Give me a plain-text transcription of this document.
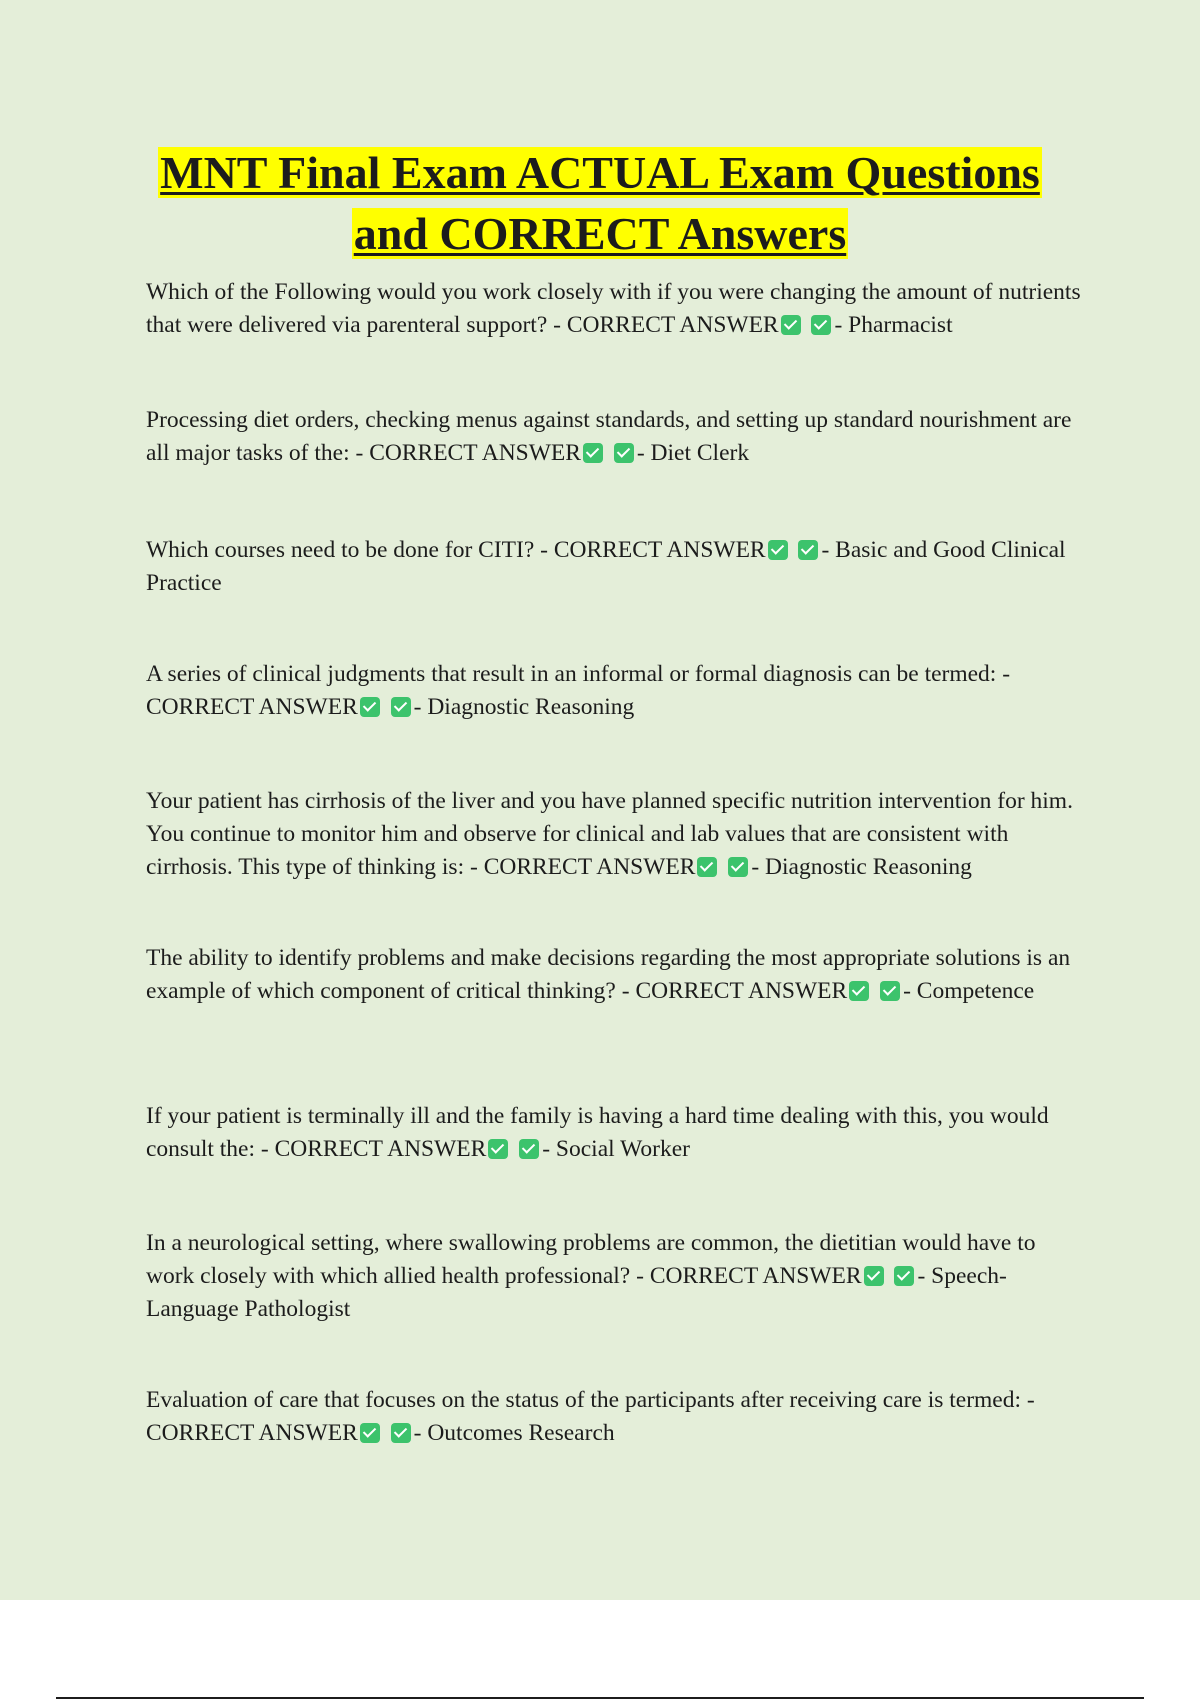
MNT Final Exam ACTUAL Exam Questions
and CORRECT Answers
Which of the Following would you work closely with if you were changing the amount of nutrients that were delivered via parenteral support? - CORRECT ANSWER - Pharmacist
Processing diet orders, checking menus against standards, and setting up standard nourishment are all major tasks of the: - CORRECT ANSWER - Diet Clerk
Which courses need to be done for CITI? - CORRECT ANSWER - Basic and Good Clinical Practice
A series of clinical judgments that result in an informal or formal diagnosis can be termed: - CORRECT ANSWER - Diagnostic Reasoning
Your patient has cirrhosis of the liver and you have planned specific nutrition intervention for him. You continue to monitor him and observe for clinical and lab values that are consistent with cirrhosis. This type of thinking is: - CORRECT ANSWER - Diagnostic Reasoning
The ability to identify problems and make decisions regarding the most appropriate solutions is an example of which component of critical thinking? - CORRECT ANSWER - Competence
If your patient is terminally ill and the family is having a hard time dealing with this, you would consult the: - CORRECT ANSWER - Social Worker
In a neurological setting, where swallowing problems are common, the dietitian would have to work closely with which allied health professional? - CORRECT ANSWER - Speech-Language Pathologist
Evaluation of care that focuses on the status of the participants after receiving care is termed: - CORRECT ANSWER - Outcomes Research
